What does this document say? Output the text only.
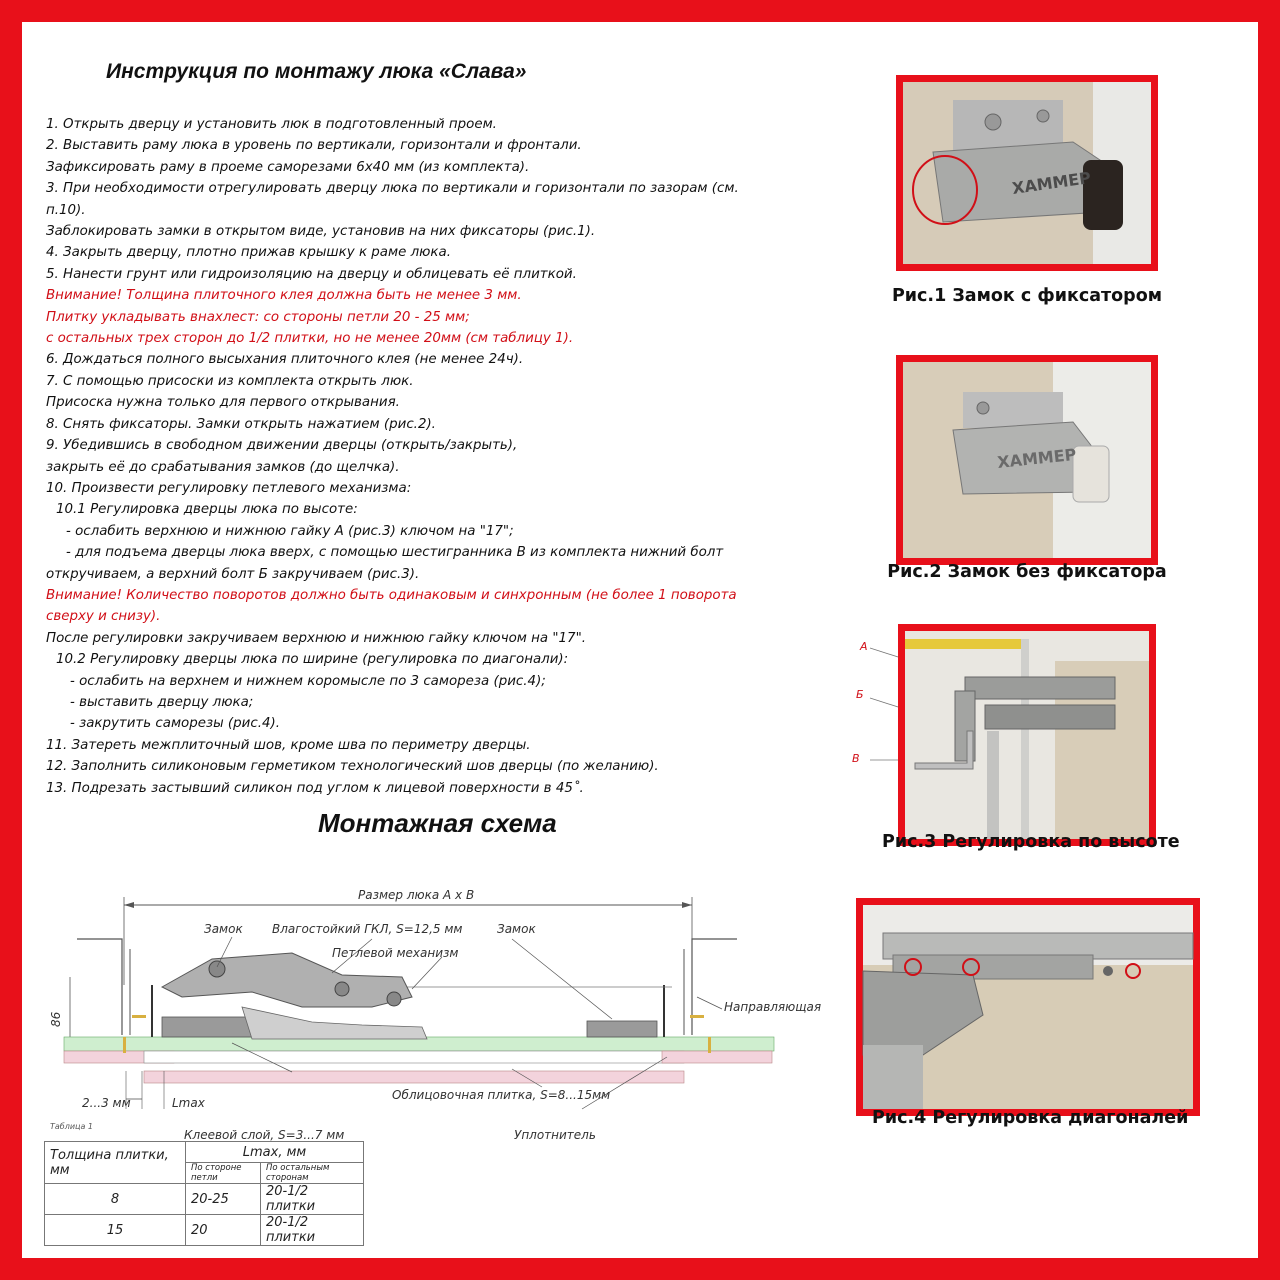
Инструкция по монтажу люка «Слава»
1. Открыть дверцу и установить люк в подготовленный проем.
2. Выставить раму люка в уровень по вертикали, горизонтали и фронтали.
Зафиксировать раму в проеме саморезами 6х40 мм (из комплекта).
3. При необходимости отрегулировать дверцу люка по вертикали и горизонтали по зазорам (см.
п.10).
Заблокировать замки в открытом виде, установив на них фиксаторы (рис.1).
4. Закрыть дверцу, плотно прижав крышку к раме люка.
5. Нанести грунт или гидроизоляцию на дверцу и облицевать её плиткой.
Внимание! Толщина плиточного клея должна быть не менее 3 мм.
Плитку укладывать внахлест: со стороны петли 20 - 25 мм;
с остальных трех сторон до 1/2 плитки, но не менее 20мм (см таблицу 1).
6. Дождаться полного высыхания плиточного клея (не менее 24ч).
7. С помощью присоски из комплекта открыть люк.
Присоска нужна только для первого открывания.
8. Снять фиксаторы. Замки открыть нажатием (рис.2).
9. Убедившись в свободном движении дверцы (открыть/закрыть),
закрыть её до срабатывания замков (до щелчка).
10. Произвести регулировку петлевого механизма:
10.1 Регулировка дверцы люка по высоте:
- ослабить верхнюю и нижнюю гайку А (рис.3) ключом на "17";
- для подъема дверцы люка вверх, с помощью шестигранника В из комплекта нижний болт
откручиваем, а верхний болт Б закручиваем (рис.3).
Внимание! Количество поворотов должно быть одинаковым и синхронным (не более 1 поворота
сверху и снизу).
После регулировки закручиваем верхнюю и нижнюю гайку ключом на "17".
10.2 Регулировку дверцы люка по ширине (регулировка по диагонали):
- ослабить на верхнем и нижнем коромысле по 3 самореза (рис.4);
- выставить дверцу люка;
- закрутить саморезы (рис.4).
11. Затереть межплиточный шов, кроме шва по периметру дверцы.
12. Заполнить силиконовым герметиком технологический шов дверцы (по желанию).
13. Подрезать застывший силикон под углом к лицевой поверхности в 45˚.
Монтажная схема
Размер люка А х В
86
Замок Влагостойкий ГКЛ, S=12,5 мм	Замок
Петлевой механизм
Направляющая
2...3 мм	Lmax
Облицовочная плитка, S=8...15мм
Клеевой слой, S=3...7 мм	Уплотнитель
Таблица 1
Толщина плитки, мм	Lmax, мм	
	По стороне петли	По остальным сторонам
8	20-25	20-1/2 плитки
15	20	20-1/2 плитки
ХАММЕР
Рис.1 Замок с фиксатором
ХАММЕР
Рис.2 Замок без фиксатора
А
Б
В
Рис.3 Регулировка по высоте
Рис.4 Регулировка диагоналей
